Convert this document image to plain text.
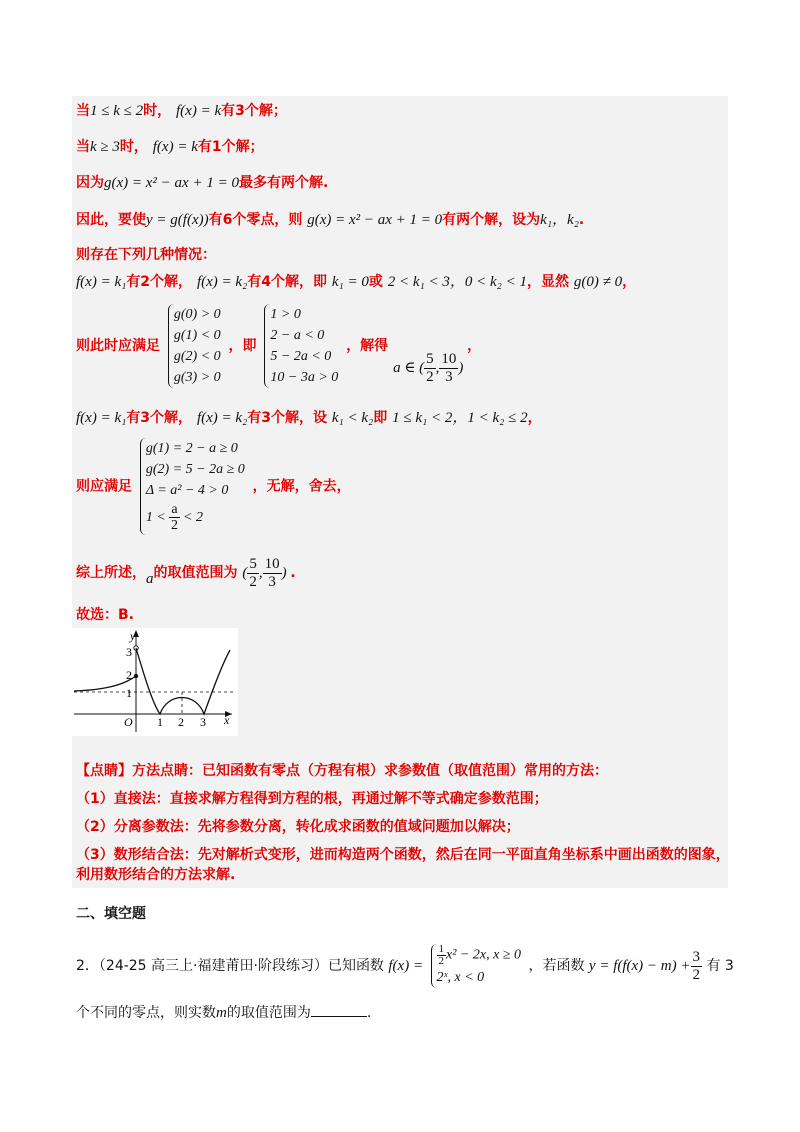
当1 ≤ k ≤ 2时， f(x) = k有3个解；
当k ≥ 3时， f(x) = k有1个解；
因为g(x) = x² − ax + 1 = 0最多有两个解.
因此，要使y = g(f(x))有6个零点，则 g(x) = x² − ax + 1 = 0有两个解，设为k₁，k₂.
则存在下列几种情况：
f(x) = k₁有2个解， f(x) = k₂有4个解，即 k₁ = 0或 2 < k₁ < 3，0 < k₂ < 1，显然 g(0) ≠ 0，
则此时应满足
g(0) > 0
g(1) < 0
g(2) < 0
g(3) > 0
，即
1 > 0
2 − a < 0
5 − 2a < 0
10 − 3a > 0
，解得 a ∈ ( $\frac{5}{2}$ , $\frac{10}{3}$ ) ，
f(x) = k₁有3个解， f(x) = k₂有3个解，设 k₁ < k₂即 1 ≤ k₁ < 2，1 < k₂ ≤ 2，
则应满足
g(1) = 2 − a ≥ 0
g(2) = 5 − 2a ≥ 0
Δ = a² − 4 > 0
$1 < \frac{a}{2} < 2$
，无解，舍去，
综上所述，a的取值范围为 ( $\frac{5}{2}$ , $\frac{10}{3}$ ) .
故选：B.
y
x
O 1 2 3
1
2
3
【点睛】方法点睛：已知函数有零点（方程有根）求参数值（取值范围）常用的方法：
（1）直接法：直接求解方程得到方程的根，再通过解不等式确定参数范围；
（2）分离参数法：先将参数分离，转化成求函数的值域问题加以解决；
（3）数形结合法：先对解析式变形，进而构造两个函数，然后在同一平面直角坐标系中画出函数的图象，
利用数形结合的方法求解.
二、填空题
2．（24-25 高三上·福建莆田·阶段练习）已知函数 $f(x) = \frac{1}{2} x^2 - 2x$, x ≥ 0
2ˣ, x < 0
，若函数 $y = f(f(x) - m) + \frac{3}{2}$ 有 3
个不同的零点，则实数m的取值范围为	.
